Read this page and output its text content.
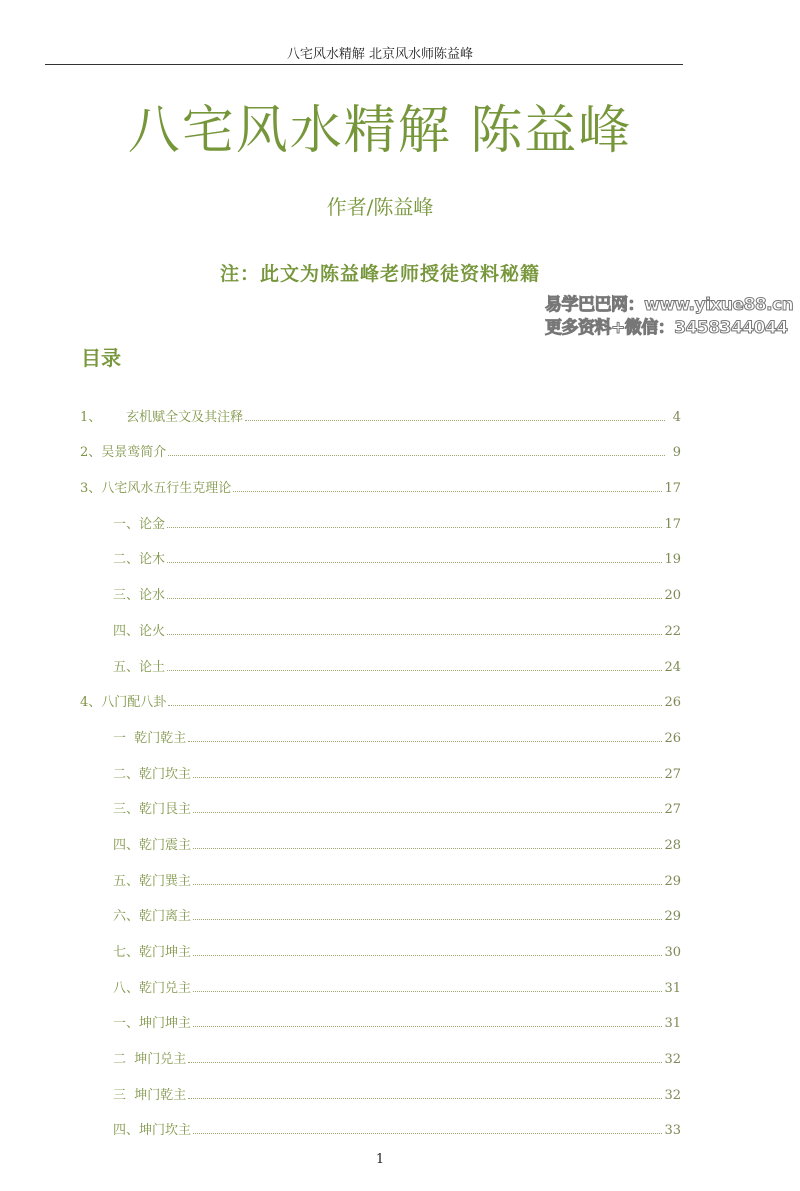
八宅风水精解 北京风水师陈益峰
八宅风水精解 陈益峰
作者/陈益峰
注：此文为陈益峰老师授徒资料秘籍
目录
1、      玄机赋全文及其注释	4
2、吴景鸾简介	9
3、八宅风水五行生克理论	17
一、论金	17
二、论木	19
三、论水	20
四、论火	22
五、论土	24
4、八门配八卦	26
一  乾门乾主	26
二、乾门坎主	27
三、乾门艮主	27
四、乾门震主	28
五、乾门巽主	29
六、乾门离主	29
七、乾门坤主	30
八、乾门兑主	31
一、坤门坤主	31
二  坤门兑主	32
三  坤门乾主	32
四、坤门坎主	33
易学巴巴网：www.yixue88.cn
更多资料+微信：3458344044
1
